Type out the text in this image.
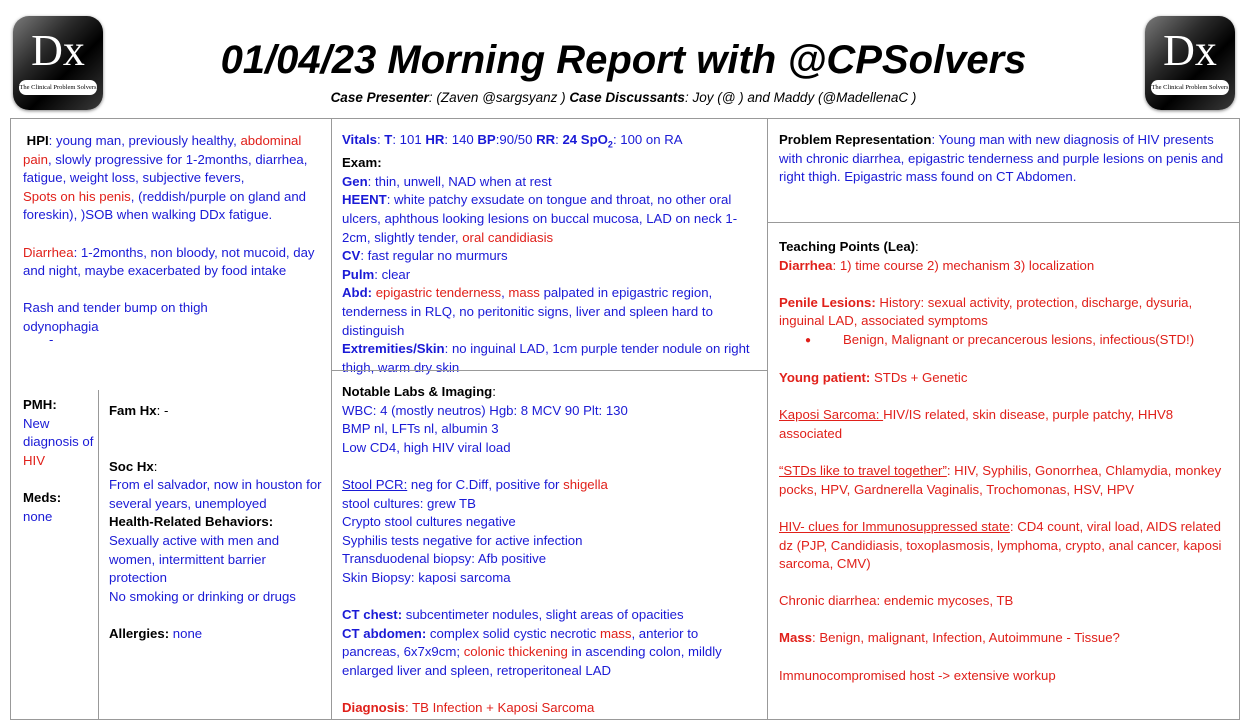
Dx
The Clinical Problem Solvers
Dx
The Clinical Problem Solvers
01/04/23 Morning Report with @CPSolvers
Case Presenter: (Zaven @sargsyanz ) Case Discussants: Joy (@ ) and Maddy (@MadellenaC )

HPI: young man, previously healthy, abdominal pain, slowly progressive for 1-2months, diarrhea, fatigue, weight loss, subjective fevers,

Spots on his penis, (reddish/purple on gland and foreskin), )SOB when walking DDx fatigue.

Diarrhea: 1-2months, non bloody, not mucoid, day and night, maybe exacerbated by food intake

Rash and tender bump on thigh

odynophagia

-

PMH:

New diagnosis of HIV

Meds:

none

Fam Hx: -

Soc Hx:

From el salvador, now in houston for several years, unemployed

Health-Related Behaviors:

Sexually active with men and women, intermittent barrier protection

No smoking or drinking or drugs

Allergies: none

Vitals: T: 101 HR: 140 BP:90/50 RR: 24 SpO$_2$: 100 on RA

Exam:

Gen: thin, unwell, NAD when at rest

HEENT: white patchy exsudate on tongue and throat, no other oral ulcers, aphthous looking lesions on buccal mucosa, LAD on neck 1-2cm, slightly tender, oral candidiasis

CV: fast regular no murmurs

Pulm: clear

Abd: epigastric tenderness, mass palpated in epigastric region, tenderness in RLQ, no peritonitic signs, liver and spleen hard to distinguish

Extremities/Skin: no inguinal LAD, 1cm purple tender nodule on right thigh, warm dry skin

Notable Labs & Imaging:

WBC: 4 (mostly neutros) Hgb: 8 MCV 90 Plt: 130

BMP nl, LFTs nl, albumin 3

Low CD4, high HIV viral load

Stool PCR: neg for C.Diff, positive for shigella

stool cultures: grew TB

Crypto stool cultures negative

Syphilis tests negative for active infection

Transduodenal biopsy: Afb positive

Skin Biopsy: kaposi sarcoma

CT chest: subcentimeter nodules, slight areas of opacities

CT abdomen: complex solid cystic necrotic mass, anterior to pancreas, 6x7x9cm; colonic thickening in ascending colon, mildly enlarged liver and spleen, retroperitoneal LAD

Diagnosis: TB Infection + Kaposi Sarcoma

Problem Representation: Young man with new diagnosis of HIV presents with chronic diarrhea, epigastric tenderness and purple lesions on penis and right thigh. Epigastric mass found on CT Abdomen.

Teaching Points (Lea):

Diarrhea: 1) time course 2) mechanism 3) localization

Penile Lesions: History: sexual activity, protection, discharge, dysuria, inguinal LAD, associated symptoms

● Benign, Malignant or precancerous lesions, infectious(STD!)

Young patient: STDs + Genetic

Kaposi Sarcoma: HIV/IS related, skin disease, purple patchy, HHV8 associated

“STDs like to travel together”: HIV, Syphilis, Gonorrhea, Chlamydia, monkey pocks, HPV, Gardnerella Vaginalis, Trochomonas, HSV, HPV

HIV- clues for Immunosuppressed state: CD4 count, viral load, AIDS related dz (PJP, Candidiasis, toxoplasmosis, lymphoma, crypto, anal cancer, kaposi sarcoma, CMV)

Chronic diarrhea: endemic mycoses, TB

Mass: Benign, malignant, Infection, Autoimmune - Tissue?

Immunocompromised host -> extensive workup
